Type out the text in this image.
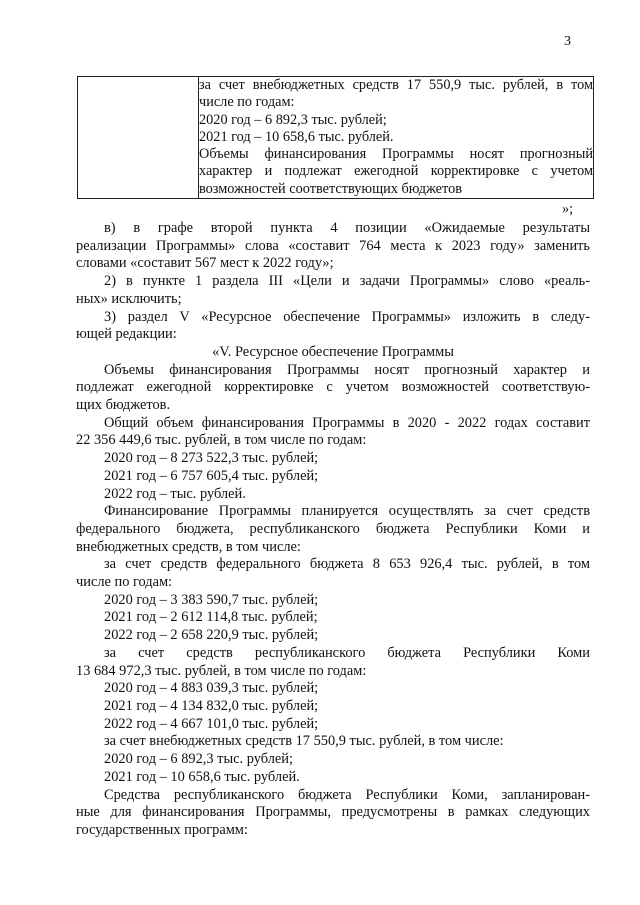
3

за счет внебюджетных средств 17 550,9 тыс. рублей, в том
числе по годам:
2020 год – 6 892,3 тыс. рублей;
2021 год – 10 658,6 тыс. рублей.
Объемы финансирования Программы носят прогнозный
характер и подлежат ежегодной корректировке с учетом
возможностей соответствующих бюджетов
»;

в) в графе второй пункта 4 позиции «Ожидаемые результаты

реализации Программы» слова «составит 764 места к 2023 году» заменить

словами «составит 567 мест к 2022 году»;

2) в пункте 1 раздела III «Цели и задачи Программы» слово «реаль-

ных» исключить;

3) раздел V «Ресурсное обеспечение Программы» изложить в следу-

ющей редакции:

«V. Ресурсное обеспечение Программы

Объемы финансирования Программы носят прогнозный характер и

подлежат ежегодной корректировке с учетом возможностей соответствую-

щих бюджетов.

Общий объем финансирования Программы в 2020 - 2022 годах составит

22 356 449,6 тыс. рублей, в том числе по годам:

2020 год – 8 273 522,3 тыс. рублей;

2021 год – 6 757 605,4 тыс. рублей;

2022 год – тыс. рублей.

Финансирование Программы планируется осуществлять за счет средств

федерального бюджета, республиканского бюджета Республики Коми и

внебюджетных средств, в том числе:

за счет средств федерального бюджета 8 653 926,4 тыс. рублей, в том

числе по годам:

2020 год – 3 383 590,7 тыс. рублей;

2021 год – 2 612 114,8 тыс. рублей;

2022 год – 2 658 220,9 тыс. рублей;

за счет средств республиканского бюджета Республики Коми

13 684 972,3 тыс. рублей, в том числе по годам:

2020 год – 4 883 039,3 тыс. рублей;

2021 год – 4 134 832,0 тыс. рублей;

2022 год – 4 667 101,0 тыс. рублей;

за счет внебюджетных средств 17 550,9 тыс. рублей, в том числе:

2020 год – 6 892,3 тыс. рублей;

2021 год – 10 658,6 тыс. рублей.

Средства республиканского бюджета Республики Коми, запланирован-

ные для финансирования Программы, предусмотрены в рамках следующих

государственных программ:
